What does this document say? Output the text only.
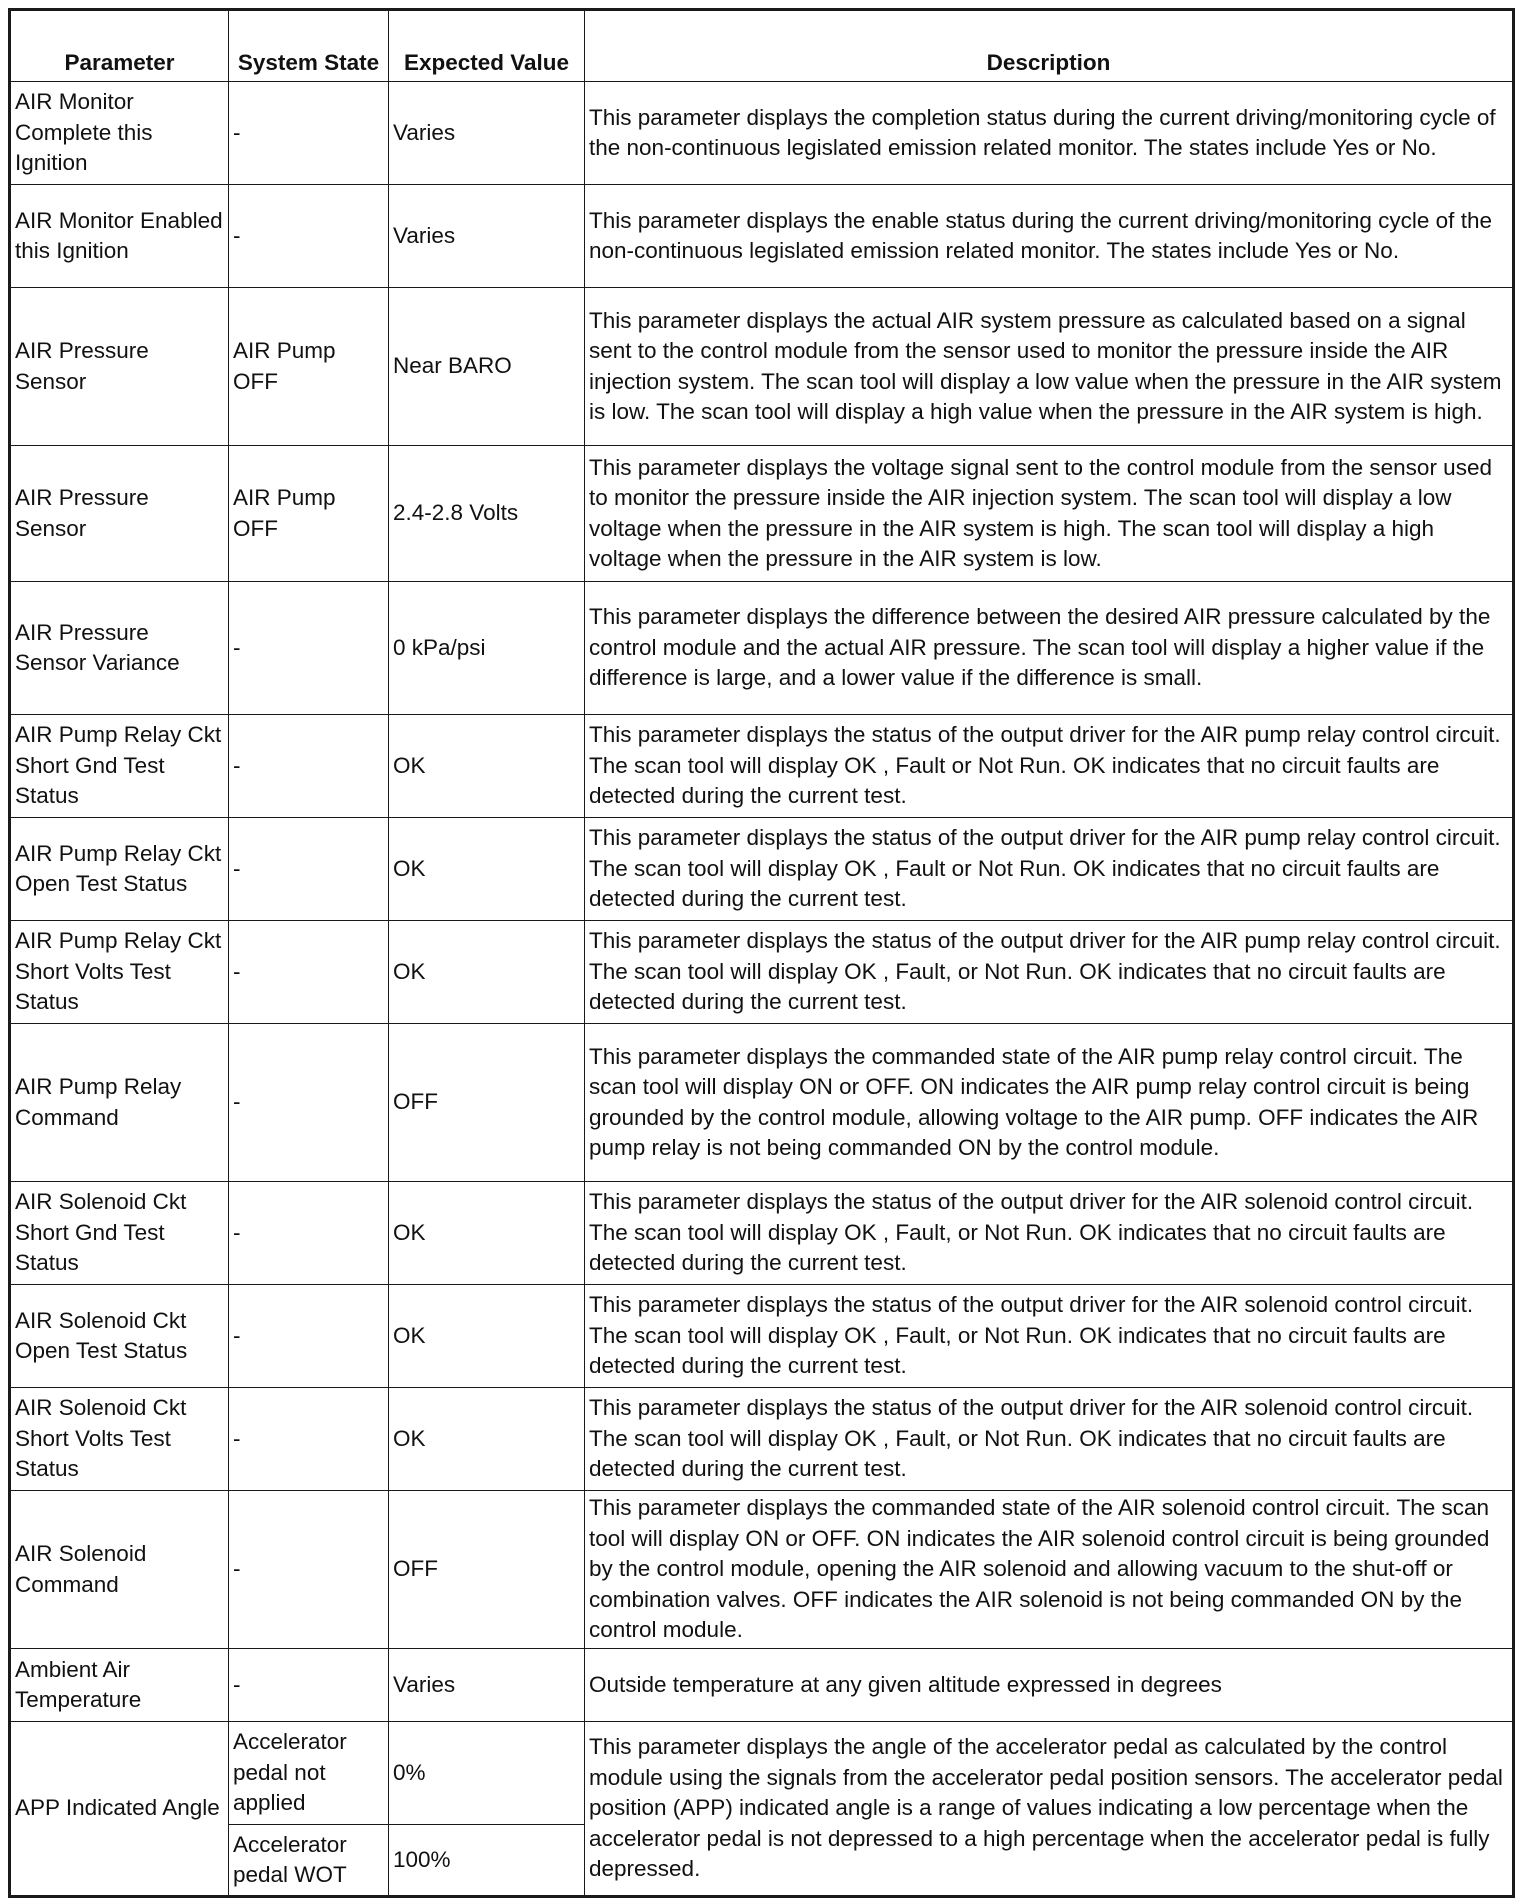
Parameter	System State	Expected Value	Description
AIR Monitor Complete this Ignition	-	Varies	This parameter displays the completion status during the current driving/monitoring cycle of the non-continuous legislated emission related monitor. The states include Yes or No.
AIR Monitor Enabled this Ignition	-	Varies	This parameter displays the enable status during the current driving/monitoring cycle of the non-continuous legislated emission related monitor. The states include Yes or No.
AIR Pressure Sensor	AIR Pump OFF	Near BARO	This parameter displays the actual AIR system pressure as calculated based on a signal sent to the control module from the sensor used to monitor the pressure inside the AIR injection system. The scan tool will display a low value when the pressure in the AIR system is low. The scan tool will display a high value when the pressure in the AIR system is high.
AIR Pressure Sensor	AIR Pump OFF	2.4-2.8 Volts	This parameter displays the voltage signal sent to the control module from the sensor used to monitor the pressure inside the AIR injection system. The scan tool will display a low voltage when the pressure in the AIR system is high. The scan tool will display a high voltage when the pressure in the AIR system is low.
AIR Pressure Sensor Variance	-	0 kPa/psi	This parameter displays the difference between the desired AIR pressure calculated by the control module and the actual AIR pressure. The scan tool will display a higher value if the difference is large, and a lower value if the difference is small.
AIR Pump Relay Ckt Short Gnd Test Status	-	OK	This parameter displays the status of the output driver for the AIR pump relay control circuit. The scan tool will display OK , Fault or Not Run. OK indicates that no circuit faults are detected during the current test.
AIR Pump Relay Ckt Open Test Status	-	OK	This parameter displays the status of the output driver for the AIR pump relay control circuit. The scan tool will display OK , Fault or Not Run. OK indicates that no circuit faults are detected during the current test.
AIR Pump Relay Ckt Short Volts Test Status	-	OK	This parameter displays the status of the output driver for the AIR pump relay control circuit. The scan tool will display OK , Fault, or Not Run. OK indicates that no circuit faults are detected during the current test.
AIR Pump Relay Command	-	OFF	This parameter displays the commanded state of the AIR pump relay control circuit. The scan tool will display ON or OFF. ON indicates the AIR pump relay control circuit is being grounded by the control module, allowing voltage to the AIR pump. OFF indicates the AIR pump relay is not being commanded ON by the control module.
AIR Solenoid Ckt Short Gnd Test Status	-	OK	This parameter displays the status of the output driver for the AIR solenoid control circuit. The scan tool will display OK , Fault, or Not Run. OK indicates that no circuit faults are detected during the current test.
AIR Solenoid Ckt Open Test Status	-	OK	This parameter displays the status of the output driver for the AIR solenoid control circuit. The scan tool will display OK , Fault, or Not Run. OK indicates that no circuit faults are detected during the current test.
AIR Solenoid Ckt Short Volts Test Status	-	OK	This parameter displays the status of the output driver for the AIR solenoid control circuit. The scan tool will display OK , Fault, or Not Run. OK indicates that no circuit faults are detected during the current test.
AIR Solenoid Command	-	OFF	This parameter displays the commanded state of the AIR solenoid control circuit. The scan tool will display ON or OFF. ON indicates the AIR solenoid control circuit is being grounded by the control module, opening the AIR solenoid and allowing vacuum to the shut-off or combination valves. OFF indicates the AIR solenoid is not being commanded ON by the control module.
Ambient Air Temperature	-	Varies	Outside temperature at any given altitude expressed in degrees
APP Indicated Angle	Accelerator pedal not applied	0%	This parameter displays the angle of the accelerator pedal as calculated by the control module using the signals from the accelerator pedal position sensors. The accelerator pedal position (APP) indicated angle is a range of values indicating a low percentage when the accelerator pedal is not depressed to a high percentage when the accelerator pedal is fully depressed.
	Accelerator pedal WOT	100%	
